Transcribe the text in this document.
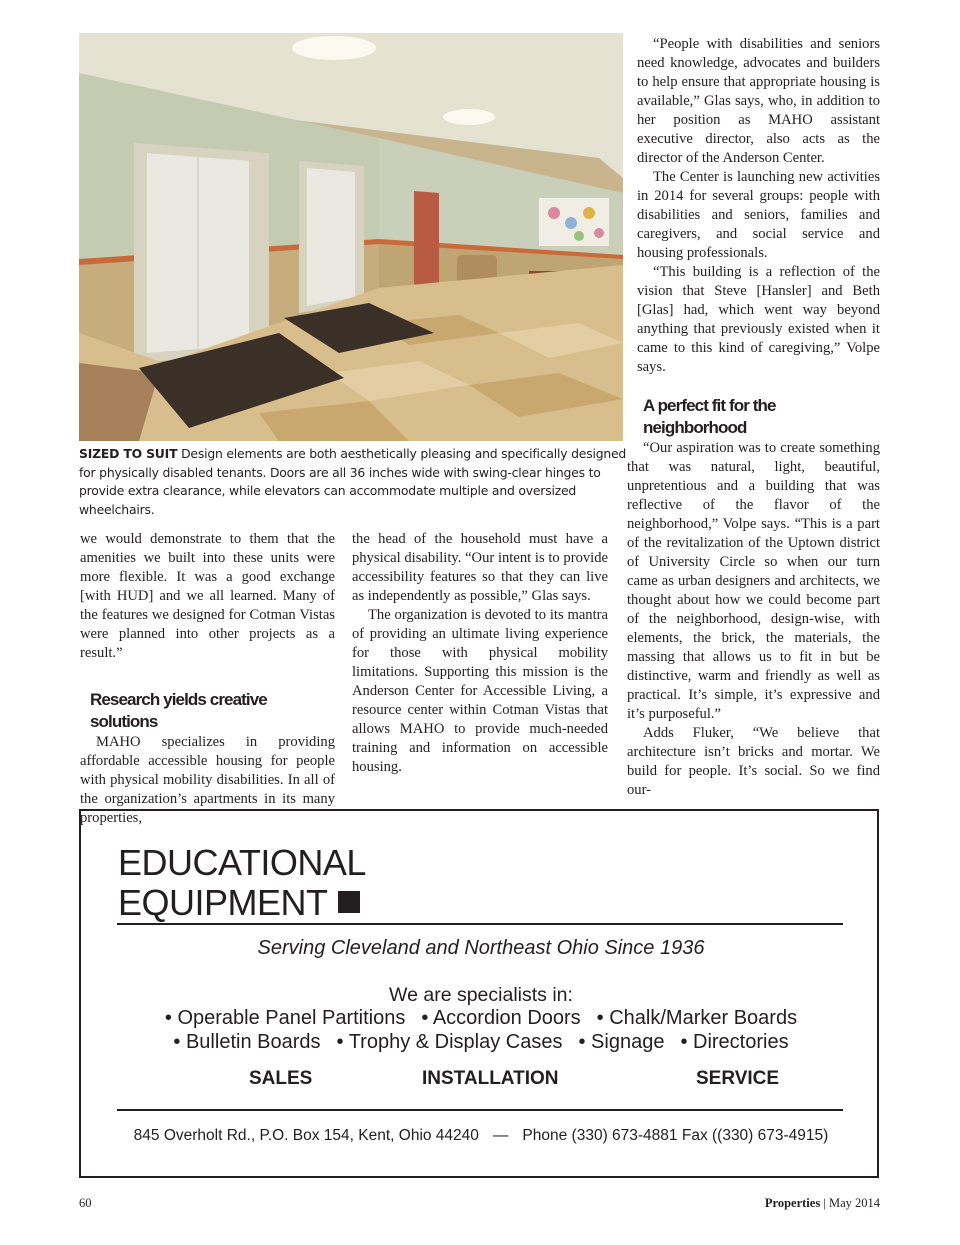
SIZED TO SUIT Design elements are both aesthetically pleasing and specifically designed for physically disabled tenants. Doors are all 36 inches wide with swing-clear hinges to provide extra clearance, while elevators can accommodate multiple and oversized wheelchairs.

we would demonstrate to them that the amenities we built into these units were more flexible. It was a good exchange [with HUD] and we all learned. Many of the features we designed for Cotman Vistas were planned into other projects as a result.”

Research yields creative solutions

MAHO specializes in providing affordable accessible housing for people with physical mobility disabilities. In all of the organization’s apartments in its many properties,

the head of the household must have a physical disability. “Our intent is to provide accessibility features so that they can live as independently as possible,” Glas says.

The organization is devoted to its mantra of providing an ultimate living experience for those with physical mobility limitations. Supporting this mission is the Anderson Center for Accessible Living, a resource center within Cotman Vistas that allows MAHO to provide much-needed training and information on accessible housing.

“People with disabilities and seniors need knowledge, advocates and builders to help ensure that appropriate housing is available,” Glas says, who, in addition to her position as MAHO assistant executive director, also acts as the director of the Anderson Center.

The Center is launching new activities in 2014 for several groups: people with disabilities and seniors, families and caregivers, and social service and housing professionals.

“This building is a reflection of the vision that Steve [Hansler] and Beth [Glas] had, which went way beyond anything that previously existed when it came to this kind of caregiving,” Volpe says.

A perfect fit for the neighborhood

“Our aspiration was to create something that was natural, light, beautiful, unpretentious and a building that was reflective of the flavor of the neighborhood,” Volpe says. “This is a part of the revitalization of the Uptown district of University Circle so when our turn came as urban designers and architects, we thought about how we could become part of the neighborhood, design-wise, with elements, the brick, the materials, the massing that allows us to fit in but be distinctive, warm and friendly as well as practical. It’s simple, it’s expressive and it’s purposeful.”

Adds Fluker, “We believe that architecture isn’t bricks and mortar. We build for people. It’s social. So we find our-

EDUCATIONAL
EQUIPMENT
Serving Cleveland and Northeast Ohio Since 1936
We are specialists in:
• Operable Panel Partitions • Accordion Doors • Chalk/Marker Boards
• Bulletin Boards • Trophy & Display Cases • Signage • Directories
SALES	INSTALLATION	SERVICE
845 Overholt Rd., P.O. Box 154, Kent, Ohio 44240 — Phone (330) 673-4881 Fax ((330) 673-4915)
60	Properties | May 2014
